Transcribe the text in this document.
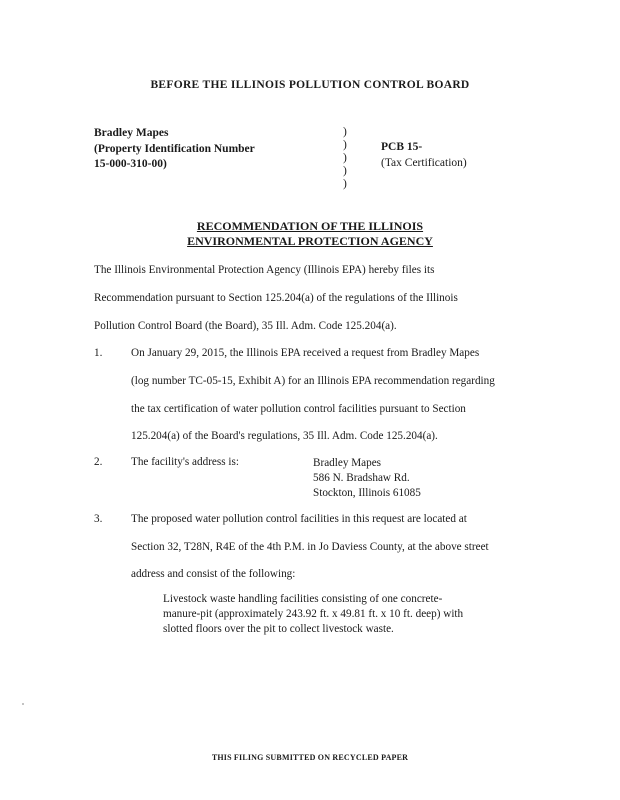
BEFORE THE ILLINOIS POLLUTION CONTROL BOARD
Bradley Mapes
(Property Identification Number
15-000-310-00)
)
)
)
)
)
PCB 15-
(Tax Certification)
RECOMMENDATION OF THE ILLINOIS
ENVIRONMENTAL PROTECTION AGENCY
The Illinois Environmental Protection Agency (Illinois EPA) hereby files its
Recommendation pursuant to Section 125.204(a) of the regulations of the Illinois
Pollution Control Board (the Board), 35 Ill. Adm. Code 125.204(a).
1.	On January 29, 2015, the Illinois EPA received a request from Bradley Mapes
(log number TC-05-15, Exhibit A) for an Illinois EPA recommendation regarding
the tax certification of water pollution control facilities pursuant to Section
125.204(a) of the Board's regulations, 35 Ill. Adm. Code 125.204(a).
2.	The facility's address is:	Bradley Mapes
586 N. Bradshaw Rd.
Stockton, Illinois 61085
3.	The proposed water pollution control facilities in this request are located at
Section 32, T28N, R4E of the 4th P.M. in Jo Daviess County, at the above street
address and consist of the following:
Livestock waste handling facilities consisting of one concrete-
manure-pit (approximately 243.92 ft. x 49.81 ft. x 10 ft. deep) with
slotted floors over the pit to collect livestock waste.
THIS FILING SUBMITTED ON RECYCLED PAPER
